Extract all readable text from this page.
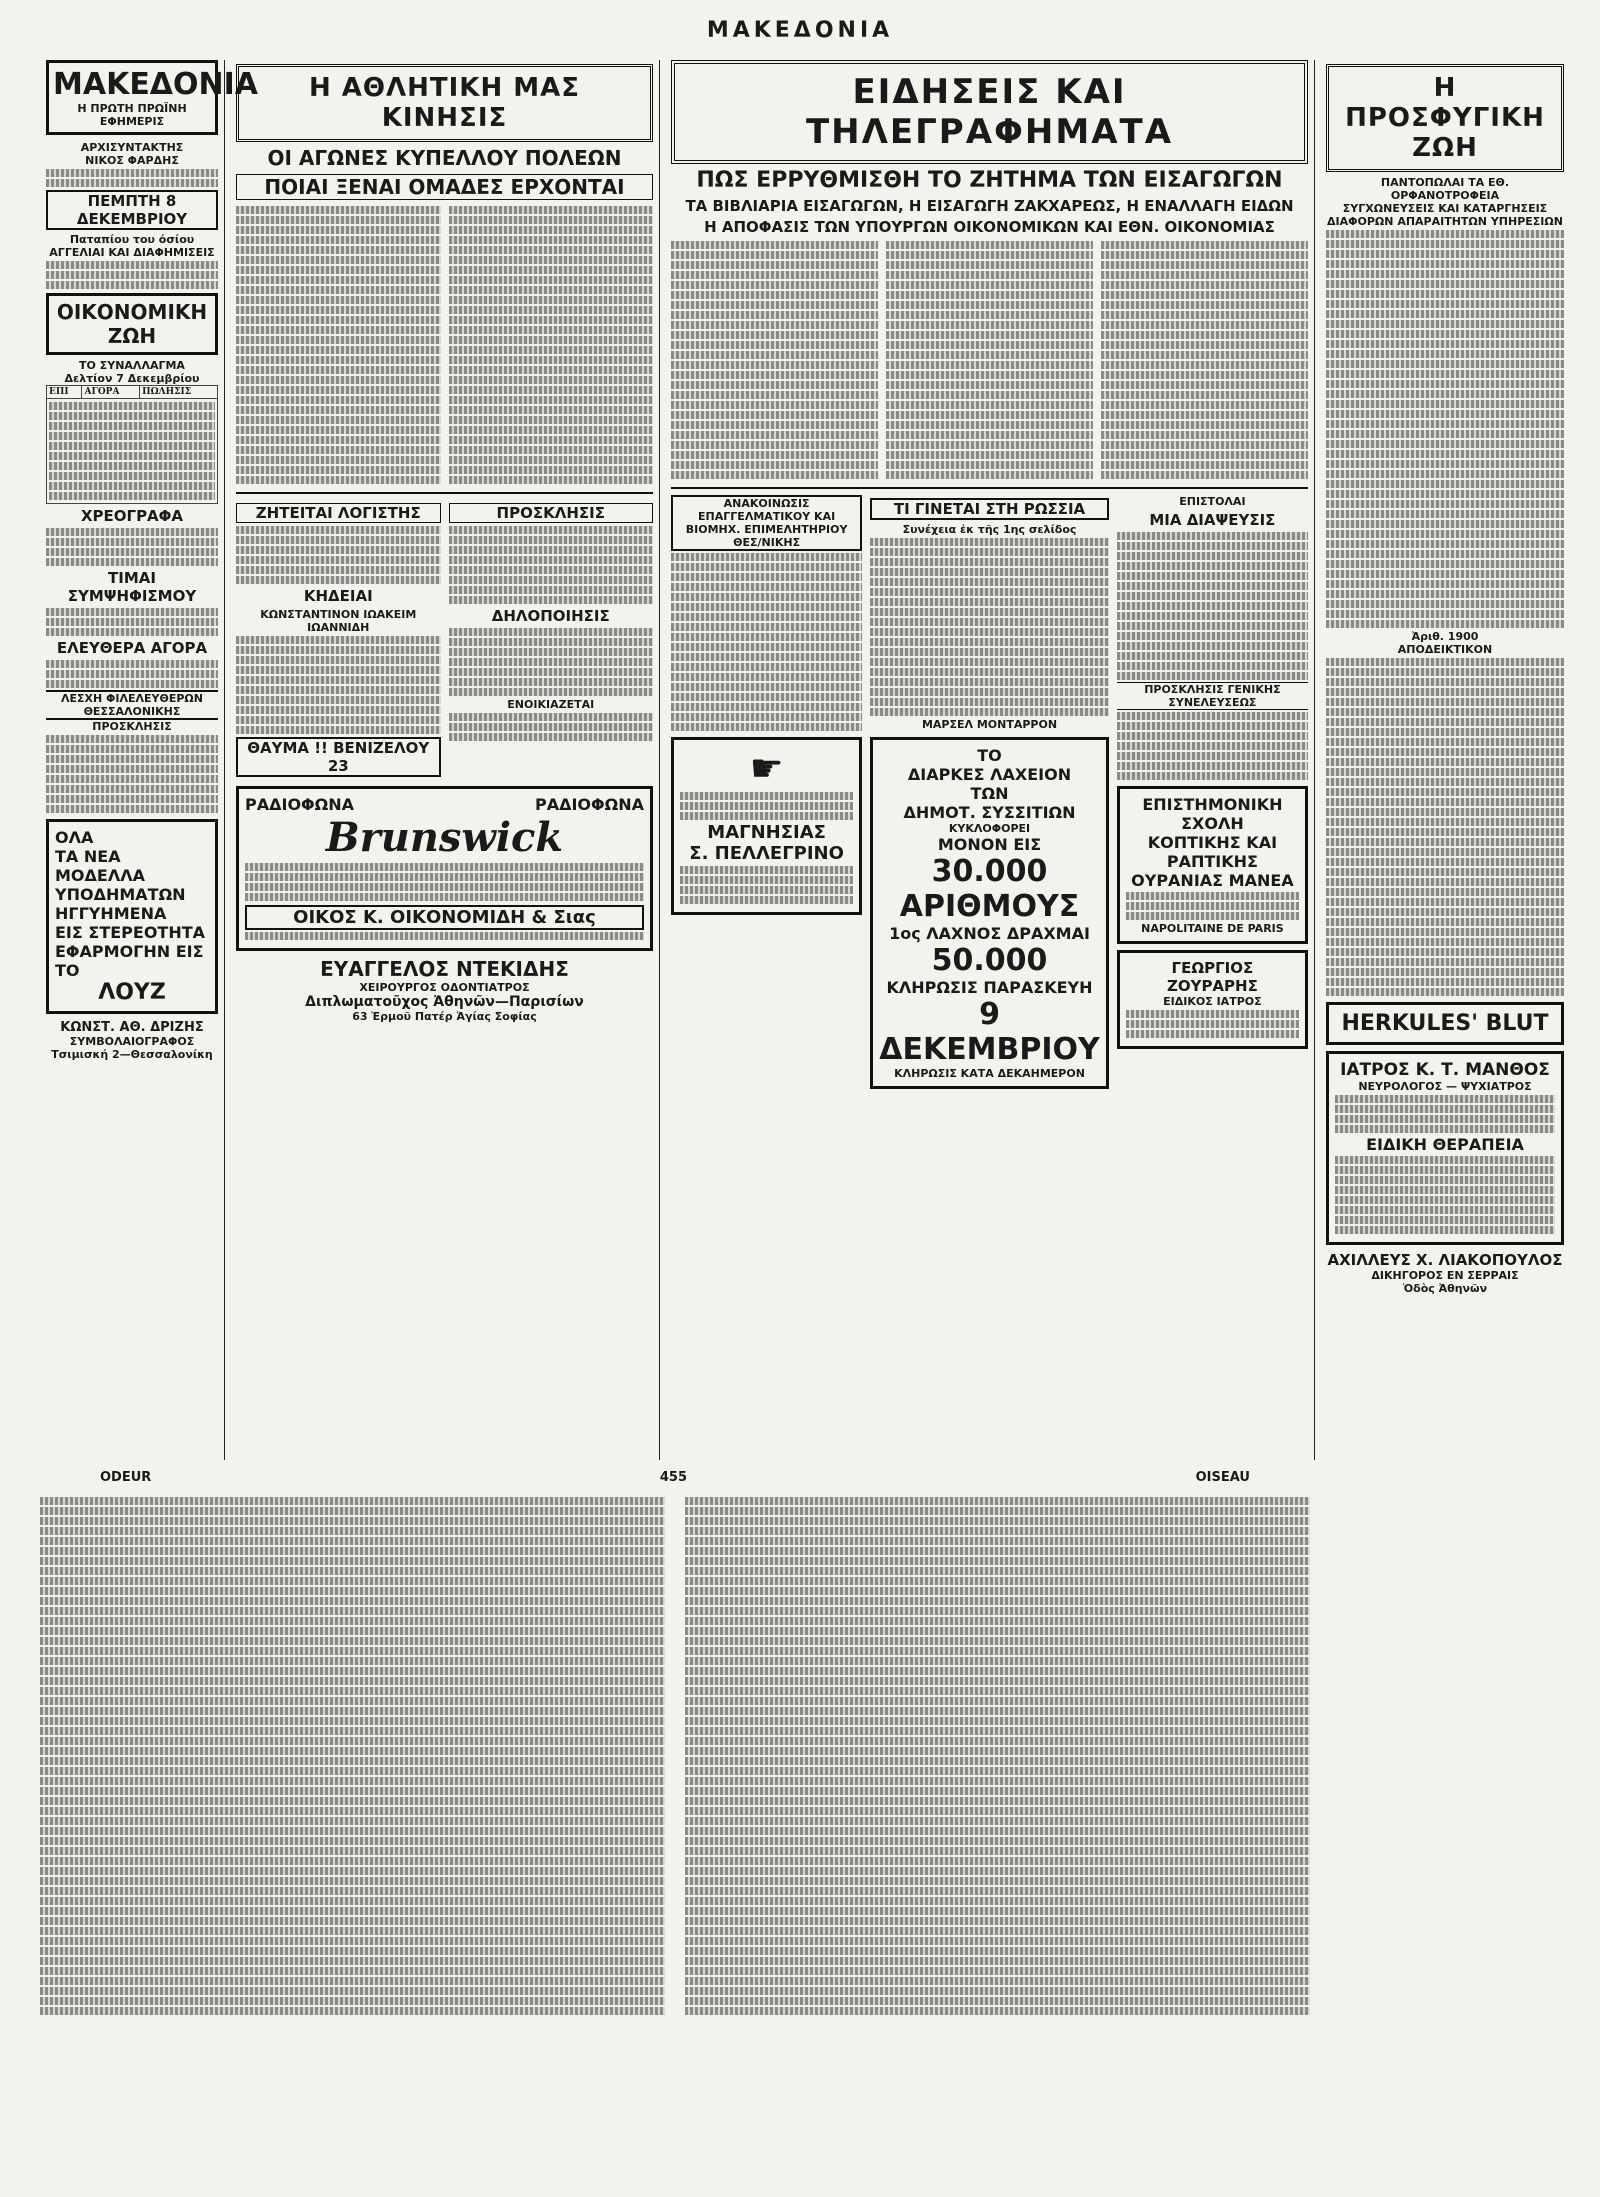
ΜΑΚΕΔΟΝΙΑ
ΜΑΚΕΔΟΝΙΑ
Η ΠΡΩΤΗ ΠΡΩΪΝΗ ΕΦΗΜΕΡΙΣ
ΑΡΧΙΣΥΝΤΑΚΤΗΣ
ΝΙΚΟΣ ΦΑΡΔΗΣ
ΠΕΜΠΤΗ 8 ΔΕΚΕΜΒΡΙΟΥ
Παταπίου του όσίου
ΑΓΓΕΛΙΑΙ ΚΑΙ ΔΙΑΦΗΜΙΣΕΙΣ
ΟΙΚΟΝΟΜΙΚΗ ΖΩΗ
ΤΟ ΣΥΝΑΛΛΑΓΜΑ
Δελτίον 7 Δεκεμβρίου
ΕΠΙ	ΑΓΟΡΑ	ΠΩΛΗΣΙΣ

ΧΡΕΟΓΡΑΦΑ
ΤΙΜΑΙ ΣΥΜΨΗΦΙΣΜΟΥ
ΕΛΕΥΘΕΡΑ ΑΓΟΡΑ
ΛΕΣΧΗ ΦΙΛΕΛΕΥΘΕΡΩΝ ΘΕΣΣΑΛΟΝΙΚΗΣ
ΠΡΟΣΚΛΗΣΙΣ
ΟΛΑ
ΤΑ ΝΕΑ
ΜΟΔΕΛΛΑ
ΥΠΟΔΗΜΑΤΩΝ
ΗΓΓΥΗΜΕΝΑ
ΕΙΣ ΣΤΕΡΕΟΤΗΤΑ
ΕΦΑΡΜΟΓΗΝ ΕΙΣ ΤΟ
ΛΟΥΖ
ΚΩΝΣΤ. ΑΘ. ΔΡΙΖΗΣ
ΣΥΜΒΟΛΑΙΟΓΡΑΦΟΣ
Τσιμισκή 2—Θεσσαλονίκη
Η ΑΘΛΗΤΙΚΗ ΜΑΣ ΚΙΝΗΣΙΣ
ΟΙ ΑΓΩΝΕΣ ΚΥΠΕΛΛΟΥ ΠΟΛΕΩΝ
ΠΟΙΑΙ ΞΕΝΑΙ ΟΜΑΔΕΣ ΕΡΧΟΝΤΑΙ
ΖΗΤΕΙΤΑΙ ΛΟΓΙΣΤΗΣ
ΚΗΔΕΙΑΙ
ΚΩΝΣΤΑΝΤΙΝΟΝ ΙΩΑΚΕΙΜ ΙΩΑΝΝΙΔΗ
ΘΑΥΜΑ !! ΒΕΝΙΖΕΛΟΥ 23
ΠΡΟΣΚΛΗΣΙΣ
ΔΗΛΟΠΟΙΗΣΙΣ
ΕΝΟΙΚΙΑΖΕΤΑΙ
ΡΑΔΙΟΦΩΝΑ	ΡΑΔΙΟΦΩΝΑ
Brunswick
ΟΙΚΟΣ Κ. ΟΙΚΟΝΟΜΙΔΗ & Σιας
ΕΥΑΓΓΕΛΟΣ ΝΤΕΚΙΔΗΣ
ΧΕΙΡΟΥΡΓΟΣ ΟΔΟΝΤΙΑΤΡΟΣ
Διπλωματοῦχος Ἀθηνῶν—Παρισίων
63 Ἑρμοῦ Πατέρ Ἁγίας Σοφίας
ΕΙΔΗΣΕΙΣ ΚΑΙ ΤΗΛΕΓΡΑΦΗΜΑΤΑ
ΠΩΣ ΕΡΡΥΘΜΙΣΘΗ ΤΟ ΖΗΤΗΜΑ ΤΩΝ ΕΙΣΑΓΩΓΩΝ
ΤΑ ΒΙΒΛΙΑΡΙΑ ΕΙΣΑΓΩΓΩΝ, Η ΕΙΣΑΓΩΓΗ ΖΑΚΧΑΡΕΩΣ, Η ΕΝΑΛΛΑΓΗ ΕΙΔΩΝ
Η ΑΠΟΦΑΣΙΣ ΤΩΝ ΥΠΟΥΡΓΩΝ ΟΙΚΟΝΟΜΙΚΩΝ ΚΑΙ ΕΘΝ. ΟΙΚΟΝΟΜΙΑΣ
ΑΝΑΚΟΙΝΩΣΙΣ ΕΠΑΓΓΕΛΜΑΤΙΚΟΥ ΚΑΙ ΒΙΟΜΗΧ. ΕΠΙΜΕΛΗΤΗΡΙΟΥ ΘΕΣ/ΝΙΚΗΣ
☛
ΜΑΓΝΗΣΙΑΣ
Σ. ΠΕΛΛΕΓΡΙΝΟ
ΤΙ ΓΙΝΕΤΑΙ ΣΤΗ ΡΩΣΣΙΑ
Συνέχεια ἐκ τῆς 1ης σελίδος
ΜΑΡΣΕΛ ΜΟΝΤΑΡΡΟΝ
ΤΟ
ΔΙΑΡΚΕΣ ΛΑΧΕΙΟΝ
ΤΩΝ
ΔΗΜΟΤ. ΣΥΣΣΙΤΙΩΝ
ΚΥΚΛΟΦΟΡΕΙ
ΜΟΝΟΝ ΕΙΣ
30.000 ΑΡΙΘΜΟΥΣ
1ος ΛΑΧΝΟΣ ΔΡΑΧΜΑΙ
50.000
ΚΛΗΡΩΣΙΣ ΠΑΡΑΣΚΕΥΗ
9 ΔΕΚΕΜΒΡΙΟΥ
ΚΛΗΡΩΣΙΣ ΚΑΤΑ ΔΕΚΑΗΜΕΡΟΝ
ΕΠΙΣΤΟΛΑΙ
ΜΙΑ ΔΙΑΨΕΥΣΙΣ
ΠΡΟΣΚΛΗΣΙΣ ΓΕΝΙΚΗΣ ΣΥΝΕΛΕΥΣΕΩΣ
ΕΠΙΣΤΗΜΟΝΙΚΗ ΣΧΟΛΗ
ΚΟΠΤΙΚΗΣ ΚΑΙ ΡΑΠΤΙΚΗΣ
ΟΥΡΑΝΙΑΣ ΜΑΝΕΑ
NAPOLITAINE DE PARIS
ΓΕΩΡΓΙΟΣ ΖΟΥΡΑΡΗΣ
ΕΙΔΙΚΟΣ ΙΑΤΡΟΣ
Η ΠΡΟΣΦΥΓΙΚΗ
ΖΩΗ
ΠΑΝΤΟΠΩΛΑΙ ΤΑ ΕΘ. ΟΡΦΑΝΟΤΡΟΦΕΙΑ
ΣΥΓΧΩΝΕΥΣΕΙΣ ΚΑΙ ΚΑΤΑΡΓΗΣΕΙΣ ΔΙΑΦΟΡΩΝ ΑΠΑΡΑΙΤΗΤΩΝ ΥΠΗΡΕΣΙΩΝ
Ἀριθ. 1900
ΑΠΟΔΕΙΚΤΙΚΟΝ
HERKULES' BLUT
ΙΑΤΡΟΣ Κ. Τ. ΜΑΝΘΟΣ
ΝΕΥΡΟΛΟΓΟΣ — ΨΥΧΙΑΤΡΟΣ
ΕΙΔΙΚΗ ΘΕΡΑΠΕΙΑ
ΑΧΙΛΛΕΥΣ Χ. ΛΙΑΚΟΠΟΥΛΟΣ
ΔΙΚΗΓΟΡΟΣ ΕΝ ΣΕΡΡΑΙΣ
Ὁδὸς Ἀθηνῶν
ODEUR	455	OISEAU
